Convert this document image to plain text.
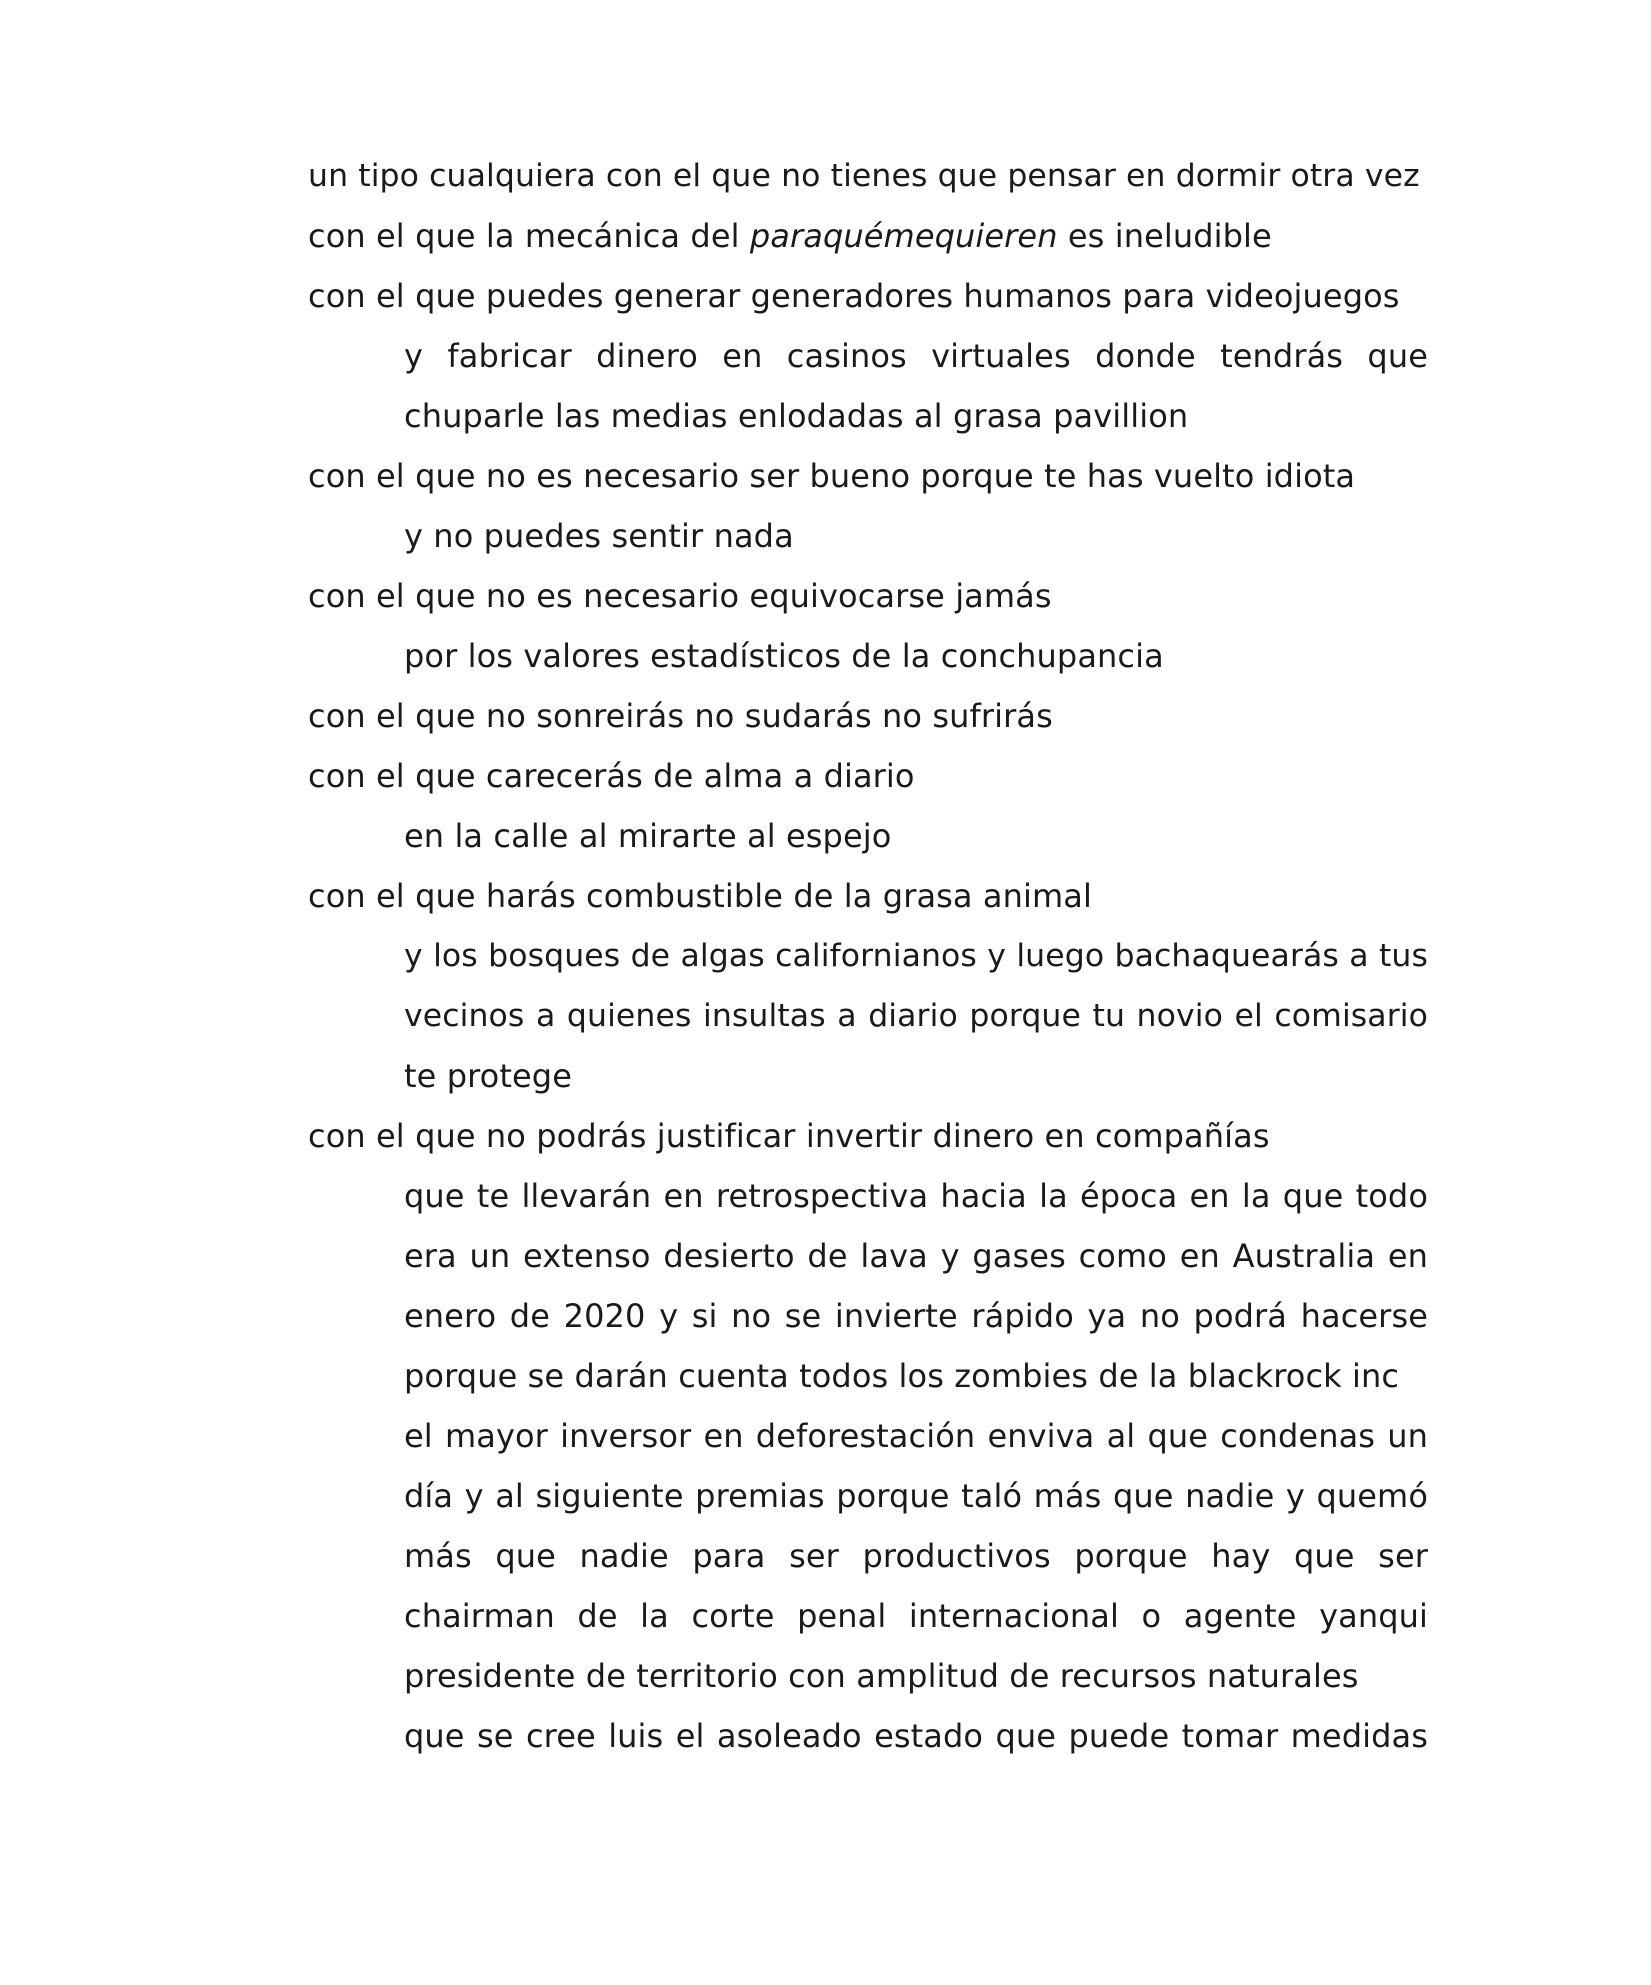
un tipo cualquiera con el que no tienes que pensar en dormir otra vez
con el que la mecánica del paraquémequieren es ineludible
con el que puedes generar generadores humanos para videojuegos
y fabricar dinero en casinos virtuales donde tendrás que
chuparle las medias enlodadas al grasa pavillion
con el que no es necesario ser bueno porque te has vuelto idiota
y no puedes sentir nada
con el que no es necesario equivocarse jamás
por los valores estadísticos de la conchupancia
con el que no sonreirás no sudarás no sufrirás
con el que carecerás de alma a diario
en la calle al mirarte al espejo
con el que harás combustible de la grasa animal
y los bosques de algas californianos y luego bachaquearás a tus
vecinos a quienes insultas a diario porque tu novio el comisario
te protege
con el que no podrás justificar invertir dinero en compañías
que te llevarán en retrospectiva hacia la época en la que todo
era un extenso desierto de lava y gases como en Australia en
enero de 2020 y si no se invierte rápido ya no podrá hacerse
porque se darán cuenta todos los zombies de la blackrock inc
el mayor inversor en deforestación enviva al que condenas un
día y al siguiente premias porque taló más que nadie y quemó
más que nadie para ser productivos porque hay que ser
chairman de la corte penal internacional o agente yanqui
presidente de territorio con amplitud de recursos naturales
que se cree luis el asoleado estado que puede tomar medidas
